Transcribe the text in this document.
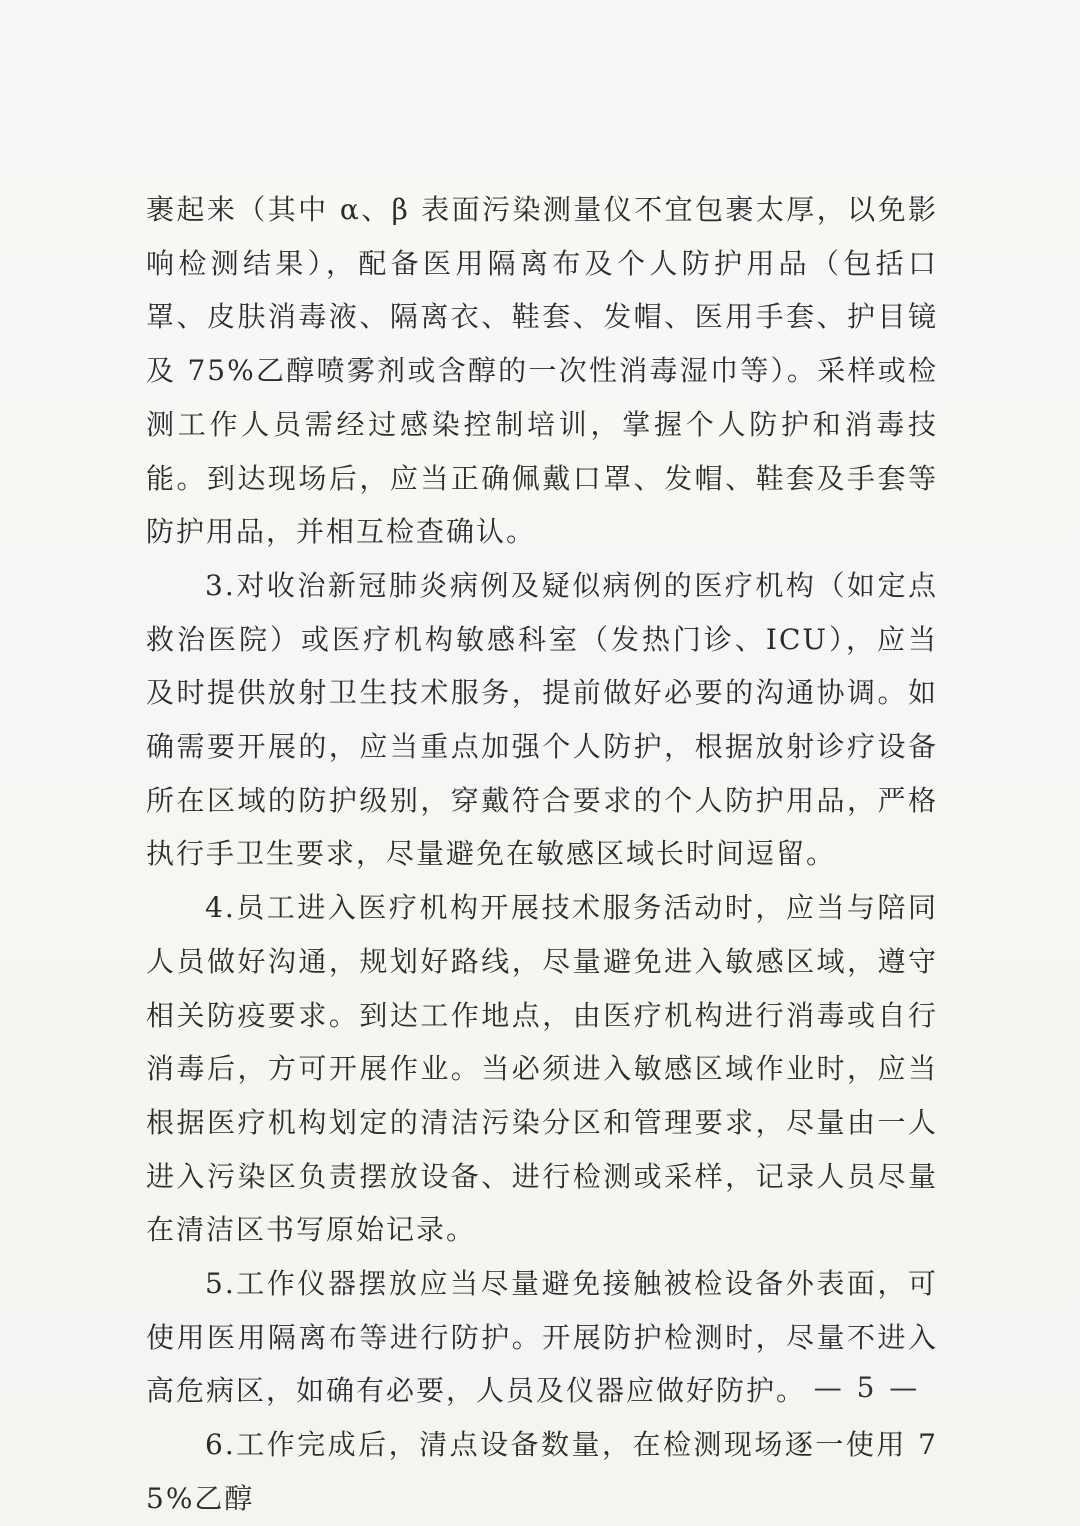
裹起来（其中 α、β 表面污染测量仪不宜包裹太厚，以免影响检测结果），配备医用隔离布及个人防护用品（包括口罩、皮肤消毒液、隔离衣、鞋套、发帽、医用手套、护目镜及 75%乙醇喷雾剂或含醇的一次性消毒湿巾等）。采样或检测工作人员需经过感染控制培训，掌握个人防护和消毒技能。到达现场后，应当正确佩戴口罩、发帽、鞋套及手套等防护用品，并相互检查确认。

3.对收治新冠肺炎病例及疑似病例的医疗机构（如定点救治医院）或医疗机构敏感科室（发热门诊、ICU），应当及时提供放射卫生技术服务，提前做好必要的沟通协调。如确需要开展的，应当重点加强个人防护，根据放射诊疗设备所在区域的防护级别，穿戴符合要求的个人防护用品，严格执行手卫生要求，尽量避免在敏感区域长时间逗留。

4.员工进入医疗机构开展技术服务活动时，应当与陪同人员做好沟通，规划好路线，尽量避免进入敏感区域，遵守相关防疫要求。到达工作地点，由医疗机构进行消毒或自行消毒后，方可开展作业。当必须进入敏感区域作业时，应当根据医疗机构划定的清洁污染分区和管理要求，尽量由一人进入污染区负责摆放设备、进行检测或采样，记录人员尽量在清洁区书写原始记录。

5.工作仪器摆放应当尽量避免接触被检设备外表面，可使用医用隔离布等进行防护。开展防护检测时，尽量不进入高危病区，如确有必要，人员及仪器应做好防护。

6.工作完成后，清点设备数量，在检测现场逐一使用 75%乙醇

— 5 —
